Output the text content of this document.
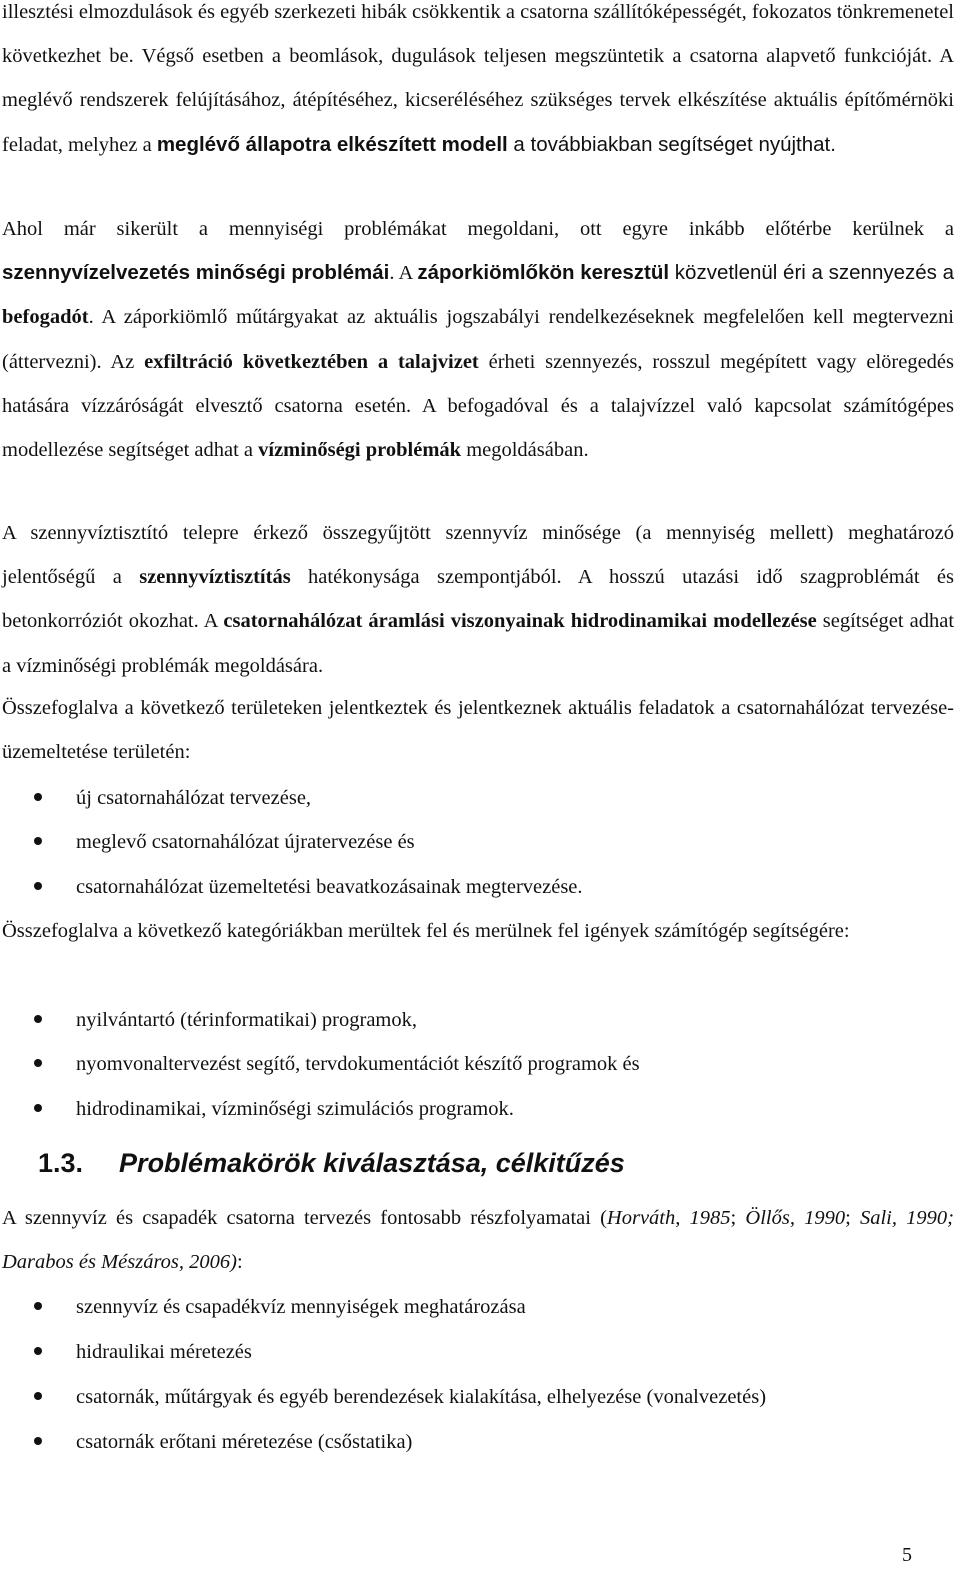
illesztési elmozdulások és egyéb szerkezeti hibák csökkentik a csatorna szállítóképességét, fokozatos tönkremenetel következhet be. Végső esetben a beomlások, dugulások teljesen megszüntetik a csatorna alapvető funkcióját. A meglévő rendszerek felújításához, átépítéséhez, kicseréléséhez szükséges tervek elkészítése aktuális építőmérnöki feladat, melyhez a meglévő állapotra elkészített modell a továbbiakban segítséget nyújthat.
Ahol már sikerült a mennyiségi problémákat megoldani, ott egyre inkább előtérbe kerülnek a szennyvízelvezetés minőségi problémái. A záporkiömlőkön keresztül közvetlenül éri a szennyezés a befogadót. A záporkiömlő műtárgyakat az aktuális jogszabályi rendelkezéseknek megfelelően kell megtervezni (áttervezni). Az exfiltráció következtében a talajvizet érheti szennyezés, rosszul megépített vagy elöregedés hatására vízzáróságát elvesztő csatorna esetén. A befogadóval és a talajvízzel való kapcsolat számítógépes modellezése segítséget adhat a vízminőségi problémák megoldásában.
A szennyvíztisztító telepre érkező összegyűjtött szennyvíz minősége (a mennyiség mellett) meghatározó jelentőségű a szennyvíztisztítás hatékonysága szempontjából. A hosszú utazási idő szagproblémát és betonkorróziót okozhat. A csatornahálózat áramlási viszonyainak hidrodinamikai modellezése segítséget adhat a vízminőségi problémák megoldására.
Összefoglalva a következő területeken jelentkeztek és jelentkeznek aktuális feladatok a csatornahálózat tervezése-üzemeltetése területén:
új csatornahálózat tervezése,
meglevő csatornahálózat újratervezése és
csatornahálózat üzemeltetési beavatkozásainak megtervezése.
Összefoglalva a következő kategóriákban merültek fel és merülnek fel igények számítógép segítségére:
nyilvántartó (térinformatikai) programok,
nyomvonaltervezést segítő, tervdokumentációt készítő programok és
hidrodinamikai, vízminőségi szimulációs programok.
1.3. Problémakörök kiválasztása, célkitűzés
A szennyvíz és csapadék csatorna tervezés fontosabb részfolyamatai (Horváth, 1985; Öllős, 1990; Sali, 1990; Darabos és Mészáros, 2006):
szennyvíz és csapadékvíz mennyiségek meghatározása
hidraulikai méretezés
csatornák, műtárgyak és egyéb berendezések kialakítása, elhelyezése (vonalvezetés)
csatornák erőtani méretezése (csőstatika)
5
